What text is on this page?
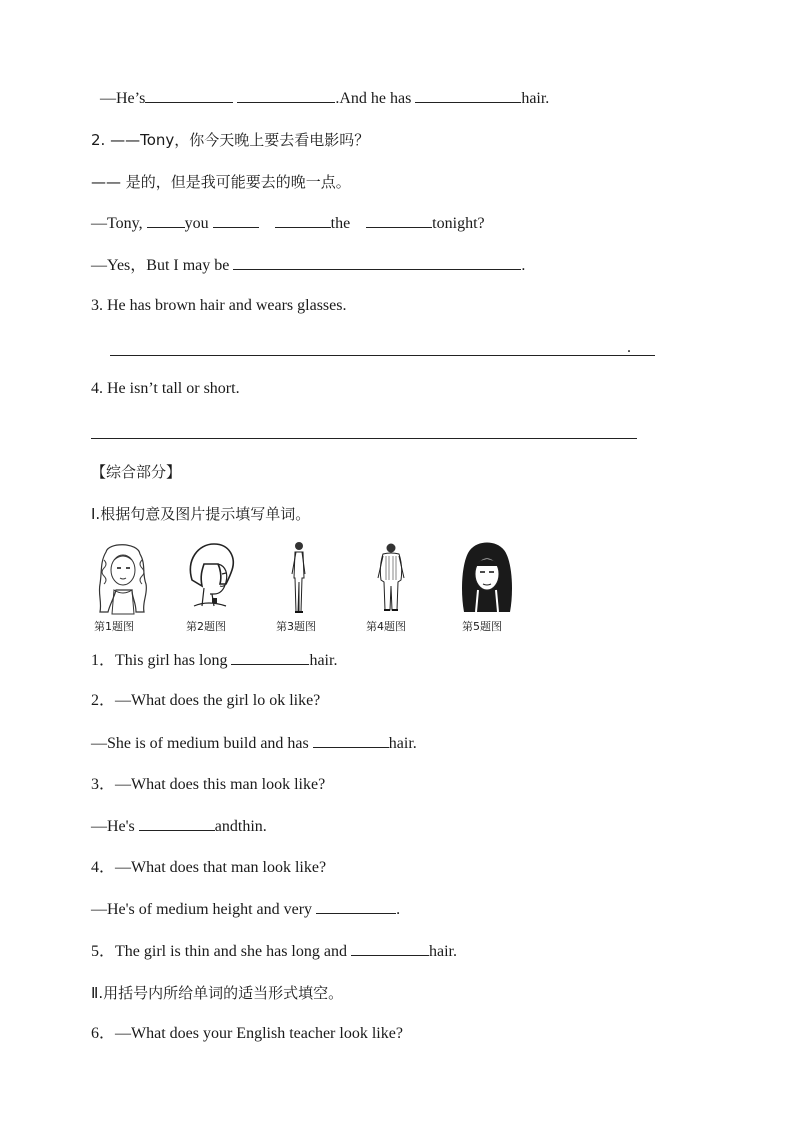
—He’s	.And he has	hair.
2. ——Tony，你今天晚上要去看电影吗？
—— 是的，但是我可能要去的晚一点。
—Tony,	you	the	tonight?
—Yes，But I may be	.
3. He has brown hair and wears glasses.
.
4. He isn’t tall or short.
【综合部分】
Ⅰ.根据句意及图片提示填写单词。
第1题图	第2题图	第3题图	第4题图	第5题图
1．This girl has long	hair.
2．—What does the girl lo ok like?
—She is of medium build and has	hair.
3．—What does this man look like?
—He's	andthin.
4．—What does that man look like?
—He's of medium height and very	.
5．The girl is thin and she has long and	hair.
Ⅱ.用括号内所给单词的适当形式填空。
6．—What does your English teacher look like?
